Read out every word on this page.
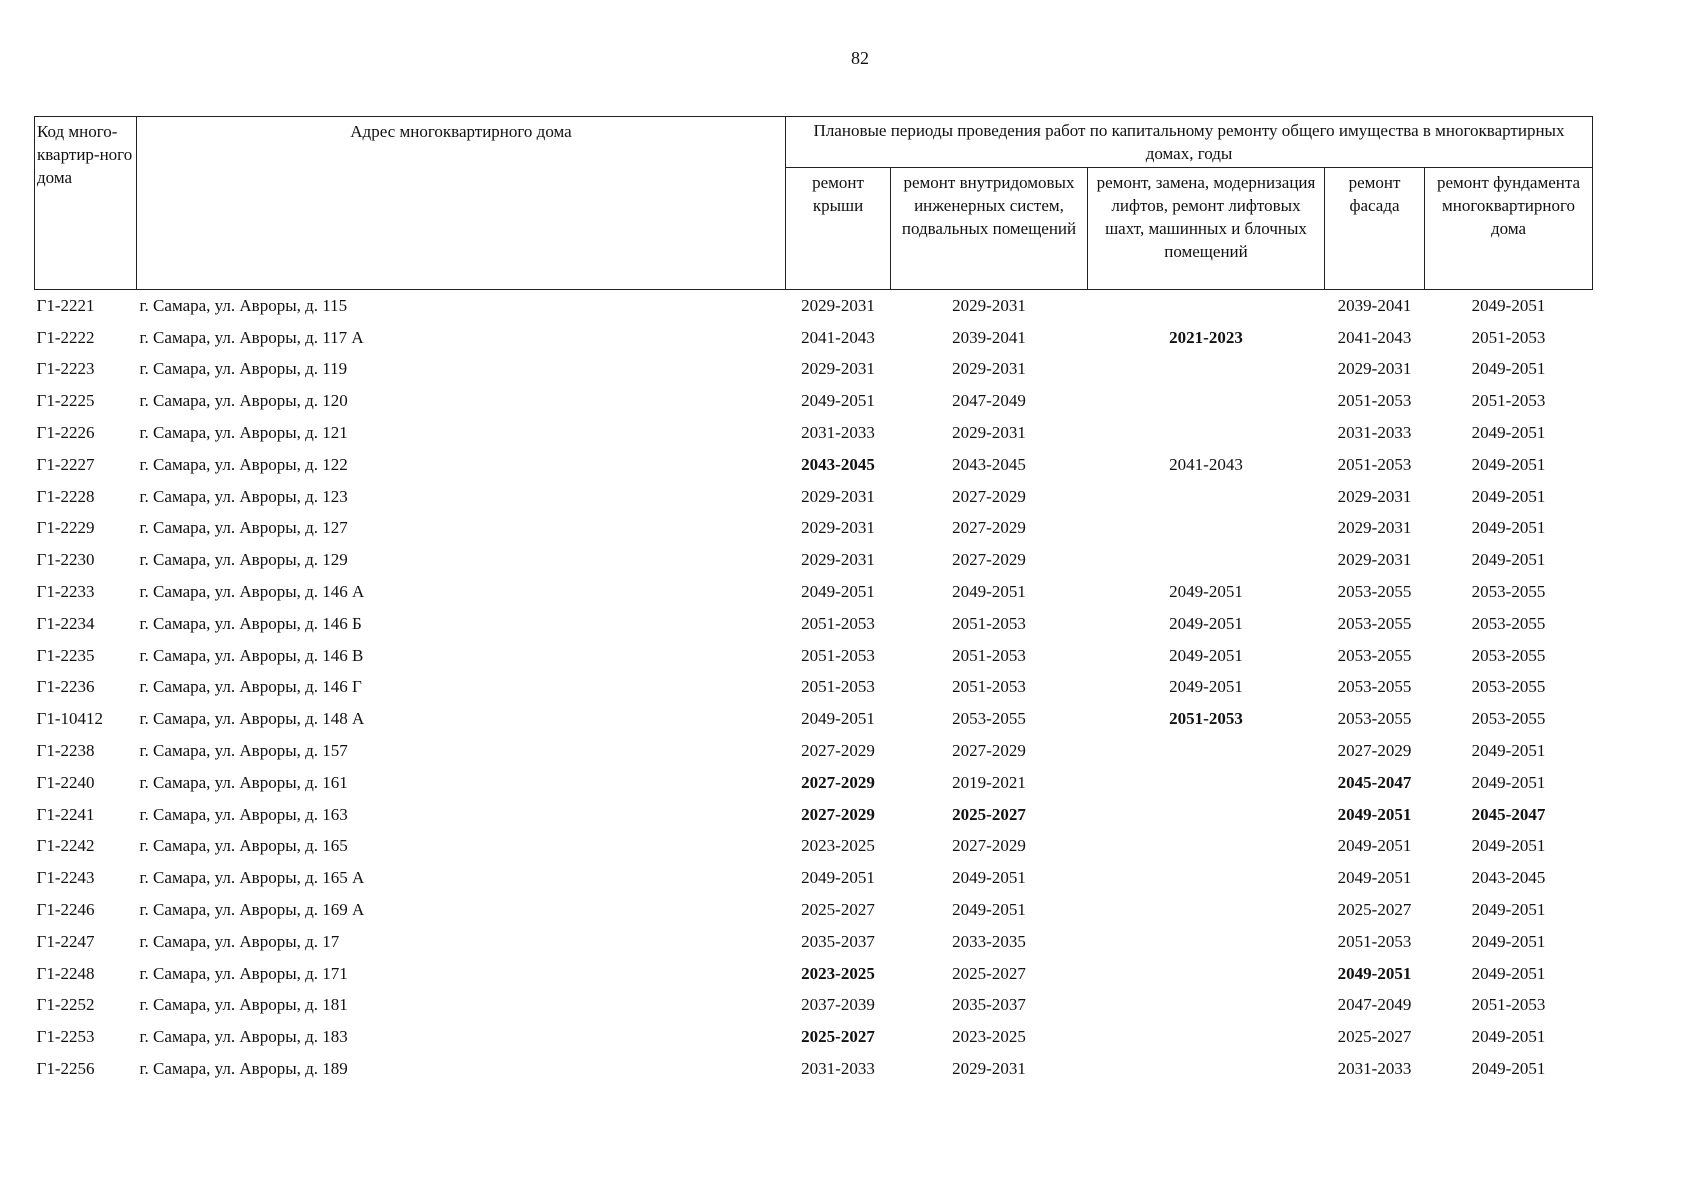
82
Код много-квартир-ного дома	Адрес многоквартирного дома	Плановые периоды проведения работ по капитальному ремонту общего имущества в многоквартирных домах, годы				
		ремонт крыши	ремонт внутридомовых инженерных систем, подвальных помещений	ремонт, замена, модернизация лифтов, ремонт лифтовых шахт, машинных и блочных помещений	ремонт фасада	ремонт фундамента многоквартирного дома
Г1-2221	г. Самара, ул. Авроры, д. 115	2029-2031	2029-2031		2039-2041	2049-2051
Г1-2222	г. Самара, ул. Авроры, д. 117 А	2041-2043	2039-2041	2021-2023	2041-2043	2051-2053
Г1-2223	г. Самара, ул. Авроры, д. 119	2029-2031	2029-2031		2029-2031	2049-2051
Г1-2225	г. Самара, ул. Авроры, д. 120	2049-2051	2047-2049		2051-2053	2051-2053
Г1-2226	г. Самара, ул. Авроры, д. 121	2031-2033	2029-2031		2031-2033	2049-2051
Г1-2227	г. Самара, ул. Авроры, д. 122	2043-2045	2043-2045	2041-2043	2051-2053	2049-2051
Г1-2228	г. Самара, ул. Авроры, д. 123	2029-2031	2027-2029		2029-2031	2049-2051
Г1-2229	г. Самара, ул. Авроры, д. 127	2029-2031	2027-2029		2029-2031	2049-2051
Г1-2230	г. Самара, ул. Авроры, д. 129	2029-2031	2027-2029		2029-2031	2049-2051
Г1-2233	г. Самара, ул. Авроры, д. 146 А	2049-2051	2049-2051	2049-2051	2053-2055	2053-2055
Г1-2234	г. Самара, ул. Авроры, д. 146 Б	2051-2053	2051-2053	2049-2051	2053-2055	2053-2055
Г1-2235	г. Самара, ул. Авроры, д. 146 В	2051-2053	2051-2053	2049-2051	2053-2055	2053-2055
Г1-2236	г. Самара, ул. Авроры, д. 146 Г	2051-2053	2051-2053	2049-2051	2053-2055	2053-2055
Г1-10412	г. Самара, ул. Авроры, д. 148 А	2049-2051	2053-2055	2051-2053	2053-2055	2053-2055
Г1-2238	г. Самара, ул. Авроры, д. 157	2027-2029	2027-2029		2027-2029	2049-2051
Г1-2240	г. Самара, ул. Авроры, д. 161	2027-2029	2019-2021		2045-2047	2049-2051
Г1-2241	г. Самара, ул. Авроры, д. 163	2027-2029	2025-2027		2049-2051	2045-2047
Г1-2242	г. Самара, ул. Авроры, д. 165	2023-2025	2027-2029		2049-2051	2049-2051
Г1-2243	г. Самара, ул. Авроры, д. 165 А	2049-2051	2049-2051		2049-2051	2043-2045
Г1-2246	г. Самара, ул. Авроры, д. 169 А	2025-2027	2049-2051		2025-2027	2049-2051
Г1-2247	г. Самара, ул. Авроры, д. 17	2035-2037	2033-2035		2051-2053	2049-2051
Г1-2248	г. Самара, ул. Авроры, д. 171	2023-2025	2025-2027		2049-2051	2049-2051
Г1-2252	г. Самара, ул. Авроры, д. 181	2037-2039	2035-2037		2047-2049	2051-2053
Г1-2253	г. Самара, ул. Авроры, д. 183	2025-2027	2023-2025		2025-2027	2049-2051
Г1-2256	г. Самара, ул. Авроры, д. 189	2031-2033	2029-2031		2031-2033	2049-2051
